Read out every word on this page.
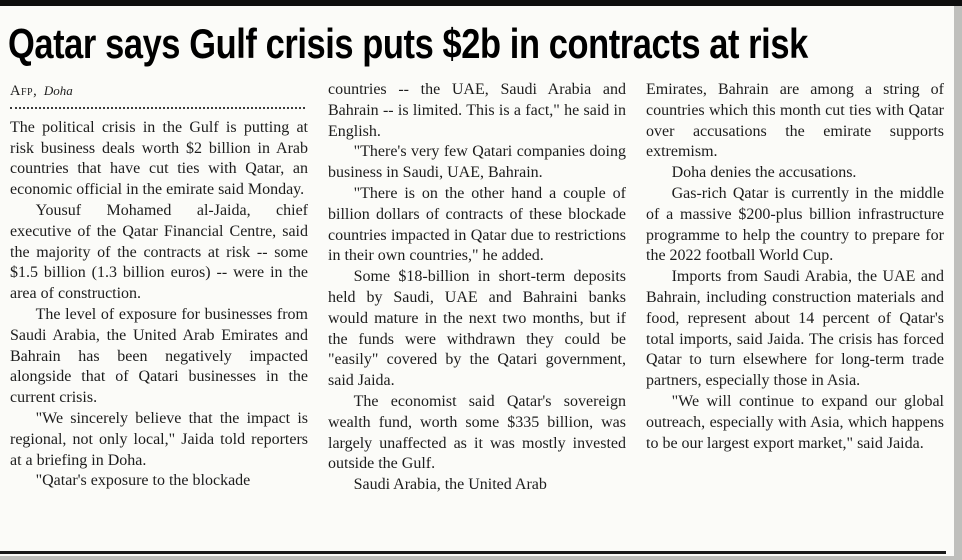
Qatar says Gulf crisis puts $2b in contracts at risk
Afp, Doha

The political crisis in the Gulf is putting at risk business deals worth $2 billion in Arab countries that have cut ties with Qatar, an economic official in the emirate said Monday.

Yousuf Mohamed al-Jaida, chief executive of the Qatar Financial Centre, said the majority of the contracts at risk -- some $1.5 billion (1.3 billion euros) -- were in the area of construction.

The level of exposure for businesses from Saudi Arabia, the United Arab Emirates and Bahrain has been negatively impacted alongside that of Qatari businesses in the current crisis.

"We sincerely believe that the impact is regional, not only local," Jaida told reporters at a briefing in Doha.

"Qatar's exposure to the blockade

countries -- the UAE, Saudi Arabia and Bahrain -- is limited. This is a fact," he said in English.

"There's very few Qatari companies doing business in Saudi, UAE, Bahrain.

"There is on the other hand a couple of billion dollars of contracts of these blockade countries impacted in Qatar due to restrictions in their own countries," he added.

Some $18-billion in short-term deposits held by Saudi, UAE and Bahraini banks would mature in the next two months, but if the funds were withdrawn they could be "easily" covered by the Qatari government, said Jaida.

The economist said Qatar's sovereign wealth fund, worth some $335 billion, was largely unaffected as it was mostly invested outside the Gulf.

Saudi Arabia, the United Arab

Emirates, Bahrain are among a string of countries which this month cut ties with Qatar over accusations the emirate supports extremism.

Doha denies the accusations.

Gas-rich Qatar is currently in the middle of a massive $200-plus billion infrastructure programme to help the country to prepare for the 2022 football World Cup.

Imports from Saudi Arabia, the UAE and Bahrain, including construction materials and food, represent about 14 percent of Qatar's total imports, said Jaida. The crisis has forced Qatar to turn elsewhere for long-term trade partners, especially those in Asia.

"We will continue to expand our global outreach, especially with Asia, which happens to be our largest export market," said Jaida.
